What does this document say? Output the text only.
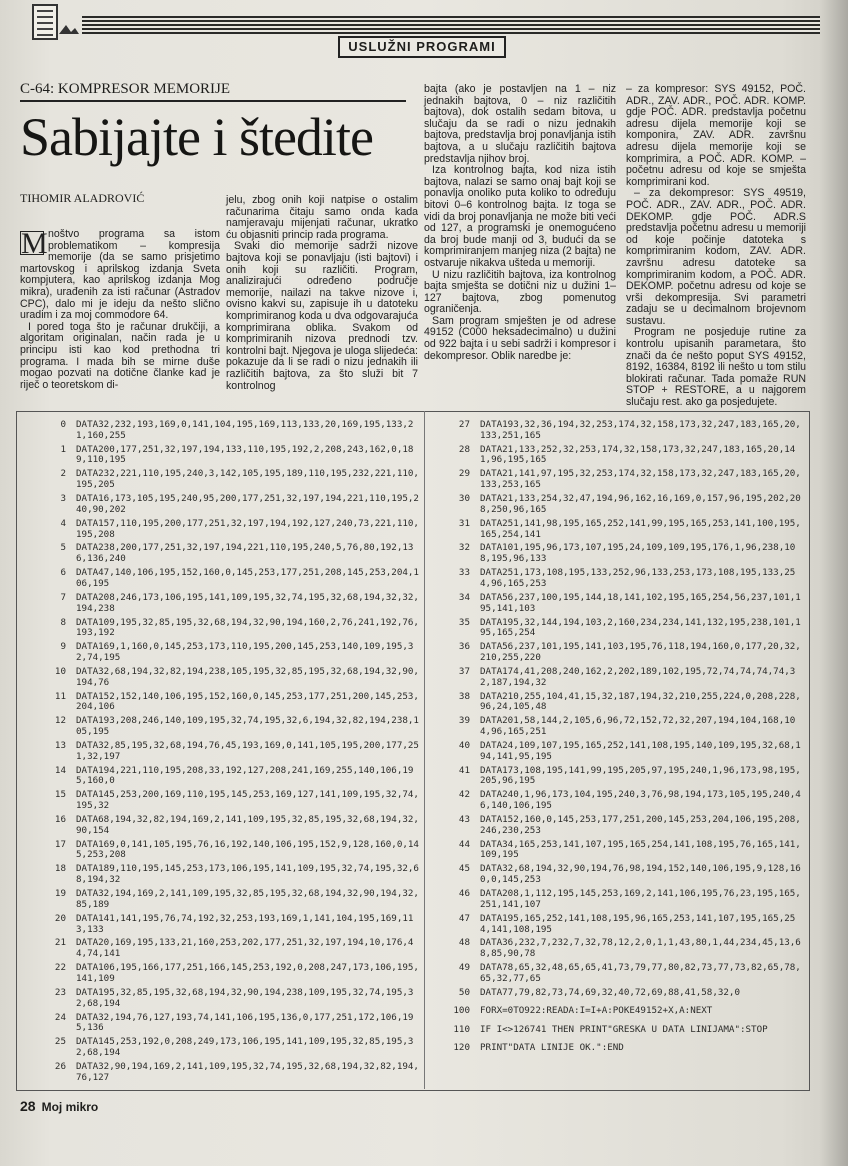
USLUŽNI PROGRAMI
C-64: KOMPRESOR MEMORIJE
Sabijajte i štedite
TIHOMIR ALADROVIĆ

M noštvo programa sa istom problematikom – kompresija memorije (da se samo prisjetimo martovskog i aprilskog izdanja Sveta kompjutera, kao aprilskog izdanja Mog mikra), urađenih za isti računar (Astradov CPC), dalo mi je ideju da nešto slično uradim i za moj commodore 64.

I pored toga što je računar drukčiji, a algoritam originalan, način rada je u principu isti kao kod prethodna tri programa. I mada bih se mirne duše mogao pozvati na dotične članke kad je riječ o teoretskom di-

jelu, zbog onih koji natpise o ostalim računarima čitaju samo onda kada namjeravaju mijenjati računar, ukratko ću objasniti princip rada programa.

Svaki dio memorije sadrži nizove bajtova koji se ponavljaju (isti bajtovi) i onih koji su različiti. Program, analizirajući određeno područje memorije, nailazi na takve nizove i, ovisno kakvi su, zapisuje ih u datoteku komprimiranog koda u dva odgovarajuća komprimirana oblika. Svakom od komprimiranih nizova prednodi tzv. kontrolni bajt. Njegova je uloga slijedeća: pokazuje da li se radi o nizu jednakih ili različitih bajtova, za što služi bit 7 kontrolnog

bajta (ako je postavljen na 1 – niz jednakih bajtova, 0 – niz različitih bajtova), dok ostalih sedam bitova, u slučaju da se radi o nizu jednakih bajtova, predstavlja broj ponavljanja istih bajtova, a u slučaju različitih bajtova predstavlja njihov broj.

Iza kontrolnog bajta, kod niza istih bajtova, nalazi se samo onaj bajt koji se ponavlja onoliko puta koliko to određuju bitovi 0–6 kontrolnog bajta. Iz toga se vidi da broj ponavljanja ne može biti veći od 127, a programski je onemogućeno da broj bude manji od 3, budući da se komprimiranjem manjeg niza (2 bajta) ne ostvaruje nikakva ušteda u memoriji.

U nizu različitih bajtova, iza kontrolnog bajta smješta se dotični niz u dužini 1–127 bajtova, zbog pomenutog ograničenja.

Sam program smješten je od adrese 49152 (C000 heksadecimalno) u dužini od 922 bajta i u sebi sadrži i kompresor i dekompresor. Oblik naredbe je:

– za kompresor: SYS 49152, POČ. ADR., ZAV. ADR., POČ. ADR. KOMP. gdje POČ. ADR. predstavlja početnu adresu dijela memorije koji se komponira, ZAV. ADR. završnu adresu dijela memorije koji se komprimira, a POČ. ADR. KOMP. – početnu adresu od koje se smješta komprimirani kod.

– za dekompresor: SYS 49519, POČ. ADR., ZAV. ADR., POČ. ADR. DEKOMP. gdje POČ. ADR.S predstavlja početnu adresu u memoriji od koje počinje datoteka s komprimiranim kodom, ZAV. ADR. završnu adresu datoteke sa komprimiranim kodom, a POČ. ADR. DEKOMP. početnu adresu od koje se vrši dekompresija. Svi parametri zadaju se u decimalnom brojevnom sustavu.

Program ne posjeduje rutine za kontrolu upisanih parametara, što znači da će nešto poput SYS 49152, 8192, 16384, 8192 ili nešto u tom stilu blokirati računar. Tada pomaže RUN STOP + RESTORE, a u najgorem slučaju rest. ako ga posjeduјete.

0	DATA32,232,193,169,0,141,104,195,169,113,133,20,169,195,133,21,160,255
1	DATA200,177,251,32,197,194,133,110,195,192,2,208,243,162,0,189,110,195
2	DATA232,221,110,195,240,3,142,105,195,189,110,195,232,221,110,195,205
3	DATA16,173,105,195,240,95,200,177,251,32,197,194,221,110,195,240,90,202
4	DATA157,110,195,200,177,251,32,197,194,192,127,240,73,221,110,195,208
5	DATA238,200,177,251,32,197,194,221,110,195,240,5,76,80,192,136,136,240
6	DATA47,140,106,195,152,160,0,145,253,177,251,208,145,253,204,106,195
7	DATA208,246,173,106,195,141,109,195,32,74,195,32,68,194,32,32,194,238
8	DATA109,195,32,85,195,32,68,194,32,90,194,160,2,76,241,192,76,193,192
9	DATA169,1,160,0,145,253,173,110,195,200,145,253,140,109,195,32,74,195
10	DATA32,68,194,32,82,194,238,105,195,32,85,195,32,68,194,32,90,194,76
11	DATA152,152,140,106,195,152,160,0,145,253,177,251,200,145,253,204,106
12	DATA193,208,246,140,109,195,32,74,195,32,6,194,32,82,194,238,105,195
13	DATA32,85,195,32,68,194,76,45,193,169,0,141,105,195,200,177,251,32,197
14	DATA194,221,110,195,208,33,192,127,208,241,169,255,140,106,195,160,0
15	DATA145,253,200,169,110,195,145,253,169,127,141,109,195,32,74,195,32
16	DATA68,194,32,82,194,169,2,141,109,195,32,85,195,32,68,194,32,90,154
17	DATA169,0,141,105,195,76,16,192,140,106,195,152,9,128,160,0,145,253,208
18	DATA189,110,195,145,253,173,106,195,141,109,195,32,74,195,32,68,194,32
19	DATA32,194,169,2,141,109,195,32,85,195,32,68,194,32,90,194,32,85,189
20	DATA141,141,195,76,74,192,32,253,193,169,1,141,104,195,169,113,133
21	DATA20,169,195,133,21,160,253,202,177,251,32,197,194,10,176,44,74,141
22	DATA106,195,166,177,251,166,145,253,192,0,208,247,173,106,195,141,109
23	DATA195,32,85,195,32,68,194,32,90,194,238,109,195,32,74,195,32,68,194
24	DATA32,194,76,127,193,74,141,106,195,136,0,177,251,172,106,195,136
25	DATA145,253,192,0,208,249,173,106,195,141,109,195,32,85,195,32,68,194
26	DATA32,90,194,169,2,141,109,195,32,74,195,32,68,194,32,82,194,76,127
27	DATA193,32,36,194,32,253,174,32,158,173,32,247,183,165,20,133,251,165
28	DATA21,133,252,32,253,174,32,158,173,32,247,183,165,20,141,96,195,165
29	DATA21,141,97,195,32,253,174,32,158,173,32,247,183,165,20,133,253,165
30	DATA21,133,254,32,47,194,96,162,16,169,0,157,96,195,202,208,250,96,165
31	DATA251,141,98,195,165,252,141,99,195,165,253,141,100,195,165,254,141
32	DATA101,195,96,173,107,195,24,109,109,195,176,1,96,238,108,195,96,133
33	DATA251,173,108,195,133,252,96,133,253,173,108,195,133,254,96,165,253
34	DATA56,237,100,195,144,18,141,102,195,165,254,56,237,101,195,141,103
35	DATA195,32,144,194,103,2,160,234,234,141,132,195,238,101,195,165,254
36	DATA56,237,101,195,141,103,195,76,118,194,160,0,177,20,32,210,255,220
37	DATA174,41,208,240,162,2,202,189,102,195,72,74,74,74,74,32,187,194,32
38	DATA210,255,104,41,15,32,187,194,32,210,255,224,0,208,228,96,24,105,48
39	DATA201,58,144,2,105,6,96,72,152,72,32,207,194,104,168,104,96,165,251
40	DATA24,109,107,195,165,252,141,108,195,140,109,195,32,68,194,141,95,195
41	DATA173,108,195,141,99,195,205,97,195,240,1,96,173,98,195,205,96,195
42	DATA240,1,96,173,104,195,240,3,76,98,194,173,105,195,240,46,140,106,195
43	DATA152,160,0,145,253,177,251,200,145,253,204,106,195,208,246,230,253
44	DATA34,165,253,141,107,195,165,254,141,108,195,76,165,141,109,195
45	DATA32,68,194,32,90,194,76,98,194,152,140,106,195,9,128,160,0,145,253
46	DATA208,1,112,195,145,253,169,2,141,106,195,76,23,195,165,251,141,107
47	DATA195,165,252,141,108,195,96,165,253,141,107,195,165,254,141,108,195
48	DATA36,232,7,232,7,32,78,12,2,0,1,1,43,80,1,44,234,45,13,68,85,90,78
49	DATA78,65,32,48,65,65,41,73,79,77,80,82,73,77,73,82,65,78,65,32,77,65
50	DATA77,79,82,73,74,69,32,40,72,69,88,41,58,32,0
100	FORX=0TO922:READA:I=I+A:POKE49152+X,A:NEXT
110	IF I<>126741 THEN PRINT"GRESKA U DATA LINIJAMA":STOP
120	PRINT"DATA LINIJE OK.":END
28 Moj mikro
